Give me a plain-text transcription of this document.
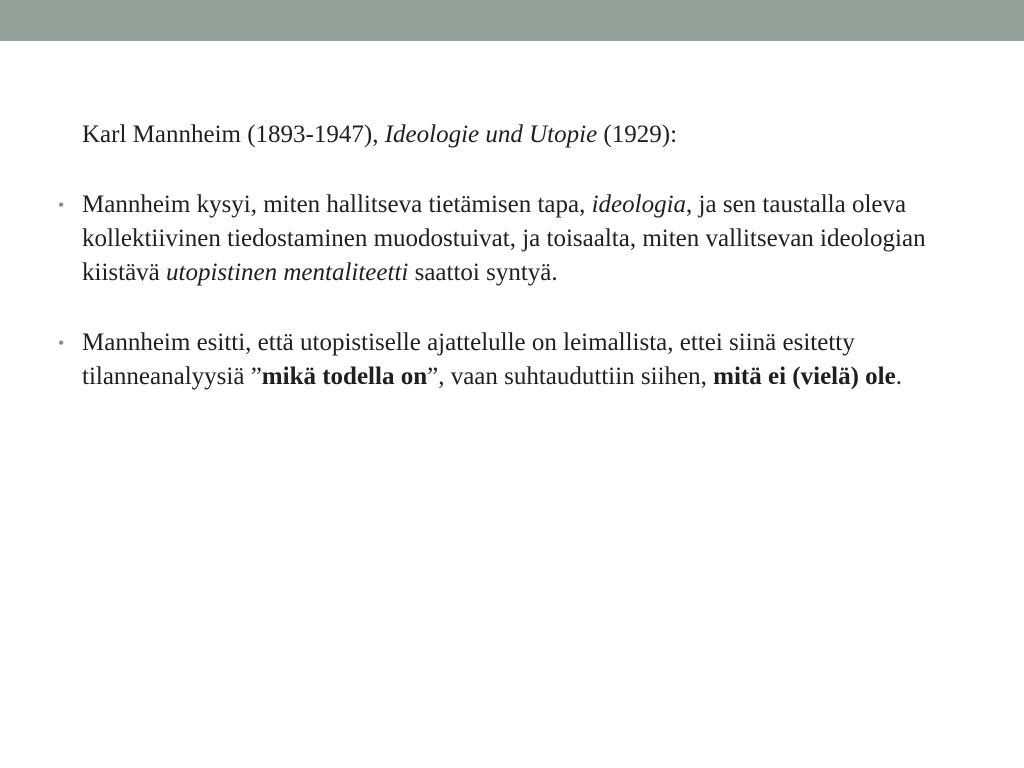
Karl Mannheim (1893-1947), Ideologie und Utopie (1929):

• Mannheim kysyi, miten hallitseva tietämisen tapa, ideologia, ja sen taustalla oleva kollektiivinen tiedostaminen muodostuivat, ja toisaalta, miten vallitsevan ideologian kiistävä utopistinen mentaliteetti saattoi syntyä.
• Mannheim esitti, että utopistiselle ajattelulle on leimallista, ettei siinä esitetty tilanneanalyysiä ”mikä todella on”, vaan suhtauduttiin siihen, mitä ei (vielä) ole.
